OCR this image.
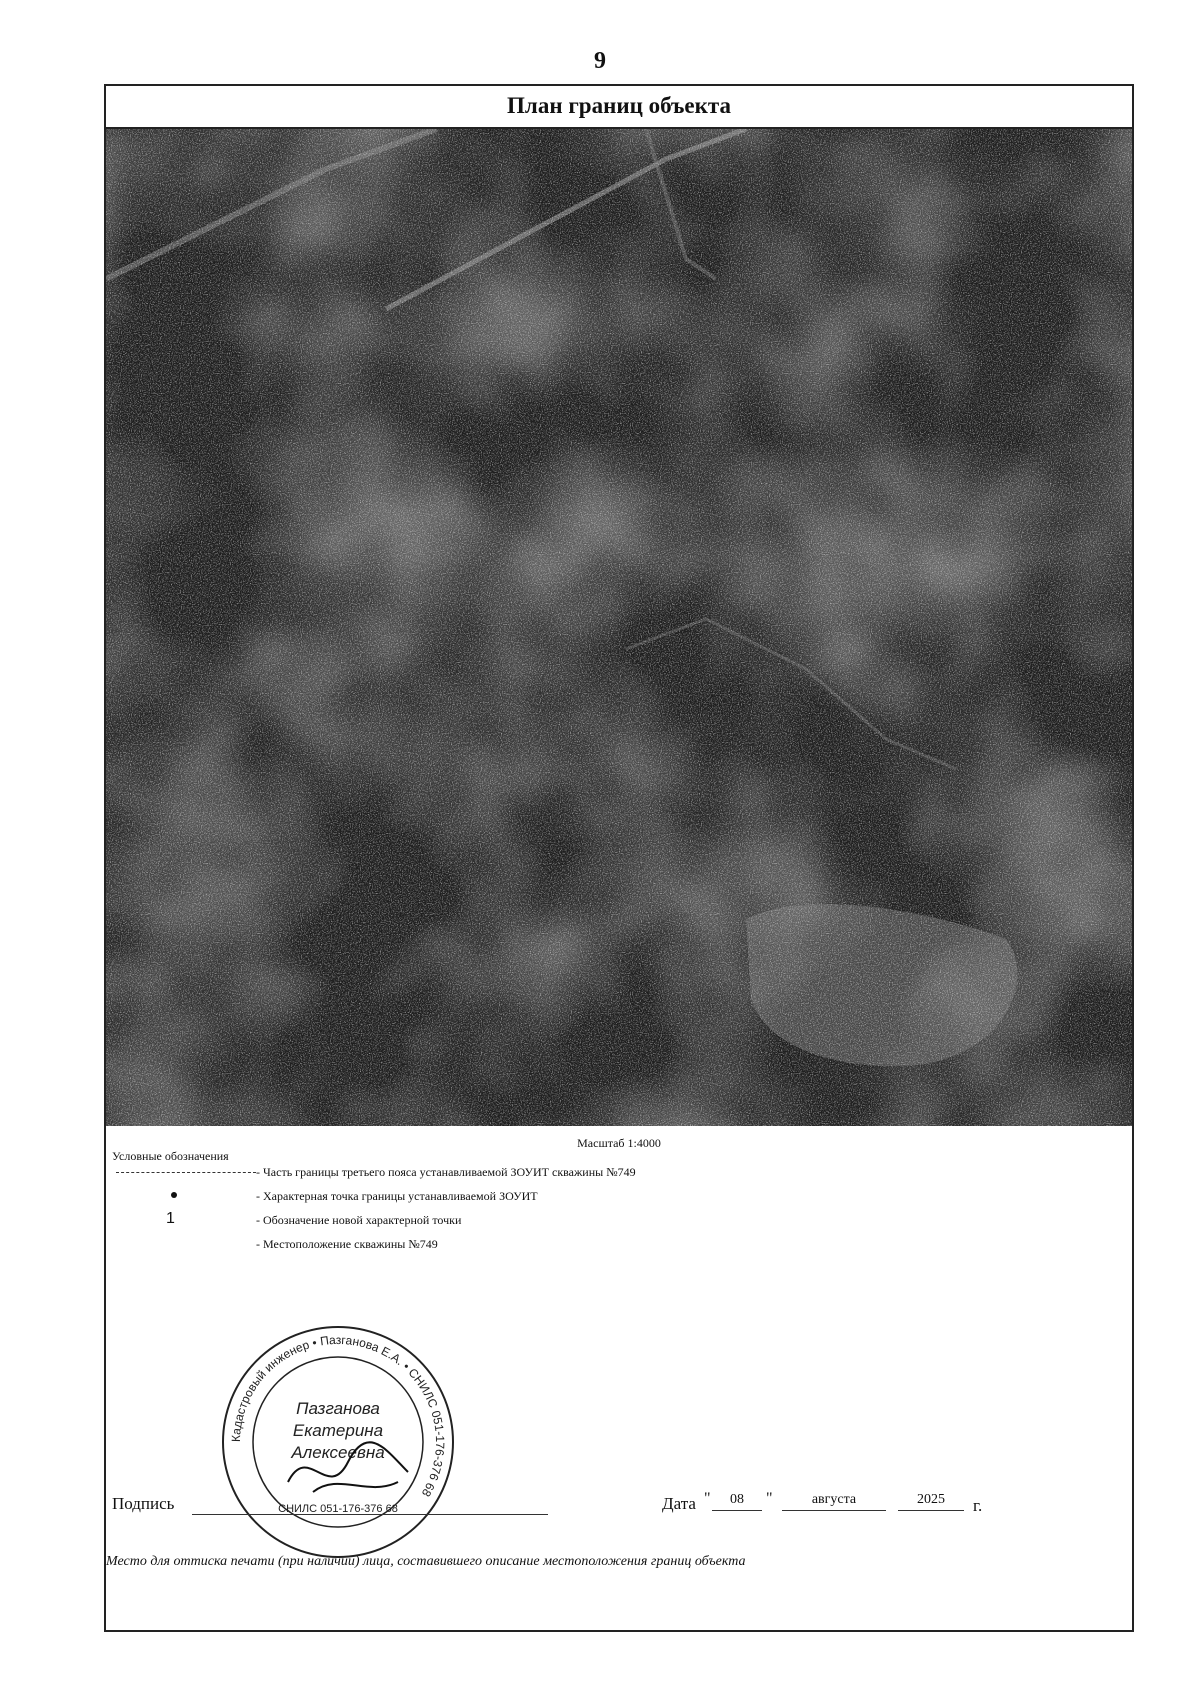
9
План границ объекта
Масштаб 1:4000
Условные обозначения
- Часть границы третьего пояса устанавливаемой ЗОУИТ скважины №749
- Характерная точка границы устанавливаемой ЗОУИТ
1	- Обозначение новой характерной точки
- Местоположение скважины №749
Кадастровый инженер • Пазганова Е.А. • СНИЛС 051-176-376 68
Пазганова
Екатерина
Алексеевна
СНИЛС 051-176-376 68
Подпись	Дата "	08	"	августа	2025	г.
Место для оттиска печати (при наличии) лица, составившего описание местоположения границ объекта
